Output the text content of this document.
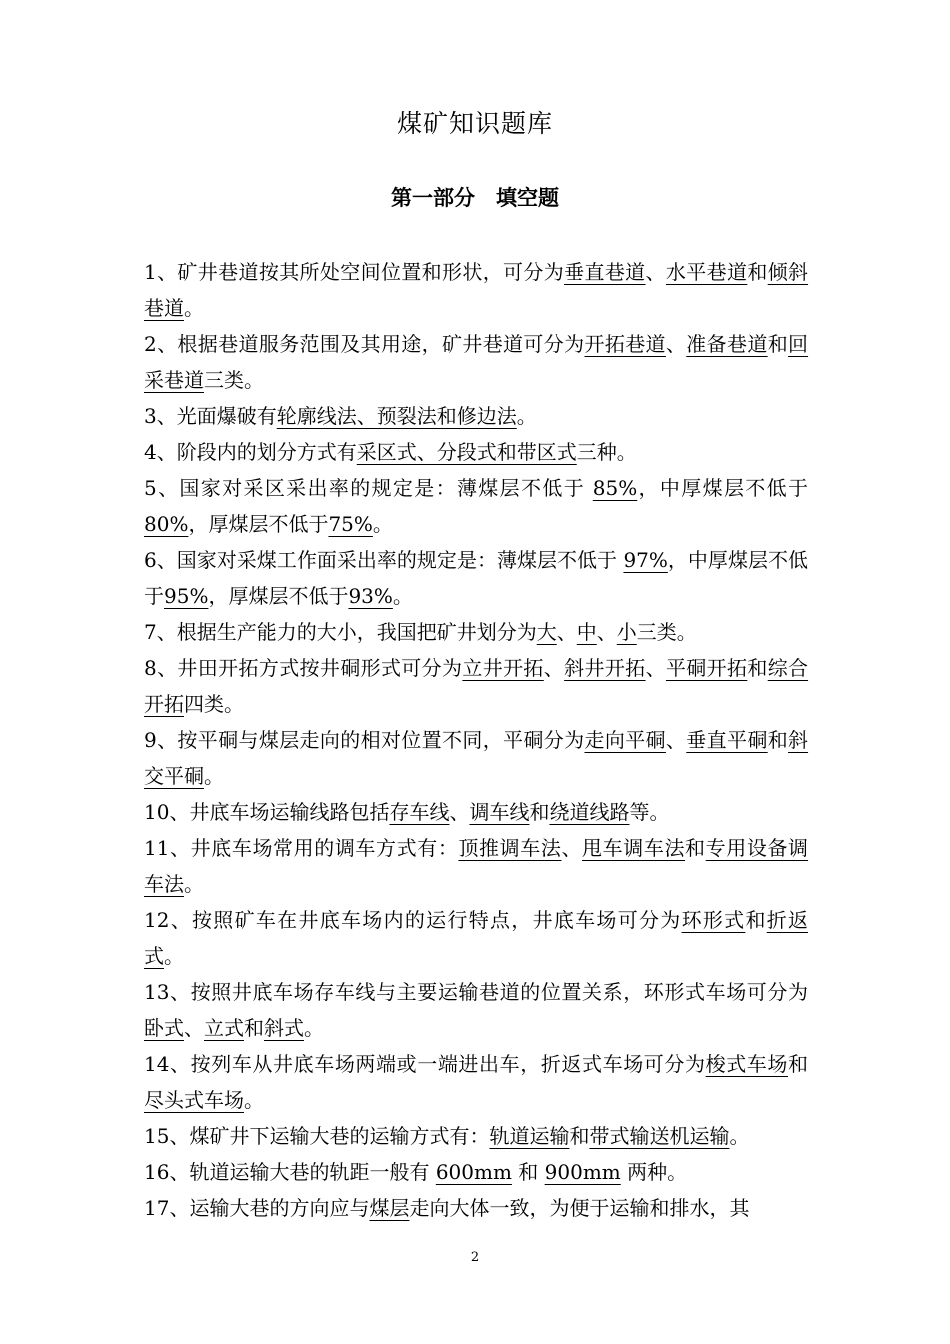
煤矿知识题库
第一部分　填空题

1、矿井巷道按其所处空间位置和形状，可分为垂直巷道、水平巷道和倾斜巷道。

2、根据巷道服务范围及其用途，矿井巷道可分为开拓巷道、准备巷道和回采巷道三类。

3、光面爆破有轮廓线法、预裂法和修边法。

4、阶段内的划分方式有采区式、分段式和带区式三种。

5、国家对采区采出率的规定是：薄煤层不低于 85%，中厚煤层不低于80%，厚煤层不低于75%。

6、国家对采煤工作面采出率的规定是：薄煤层不低于 97%，中厚煤层不低于95%，厚煤层不低于93%。

7、根据生产能力的大小，我国把矿井划分为大、中、小三类。

8、井田开拓方式按井硐形式可分为立井开拓、斜井开拓、平硐开拓和综合开拓四类。

9、按平硐与煤层走向的相对位置不同，平硐分为走向平硐、垂直平硐和斜交平硐。

10、井底车场运输线路包括存车线、调车线和绕道线路等。

11、井底车场常用的调车方式有：顶推调车法、甩车调车法和专用设备调车法。

12、按照矿车在井底车场内的运行特点，井底车场可分为环形式和折返式。

13、按照井底车场存车线与主要运输巷道的位置关系，环形式车场可分为卧式、立式和斜式。

14、按列车从井底车场两端或一端进出车，折返式车场可分为梭式车场和尽头式车场。

15、煤矿井下运输大巷的运输方式有：轨道运输和带式输送机运输。

16、轨道运输大巷的轨距一般有 600mm 和 900mm 两种。

17、运输大巷的方向应与煤层走向大体一致，为便于运输和排水，其

2
